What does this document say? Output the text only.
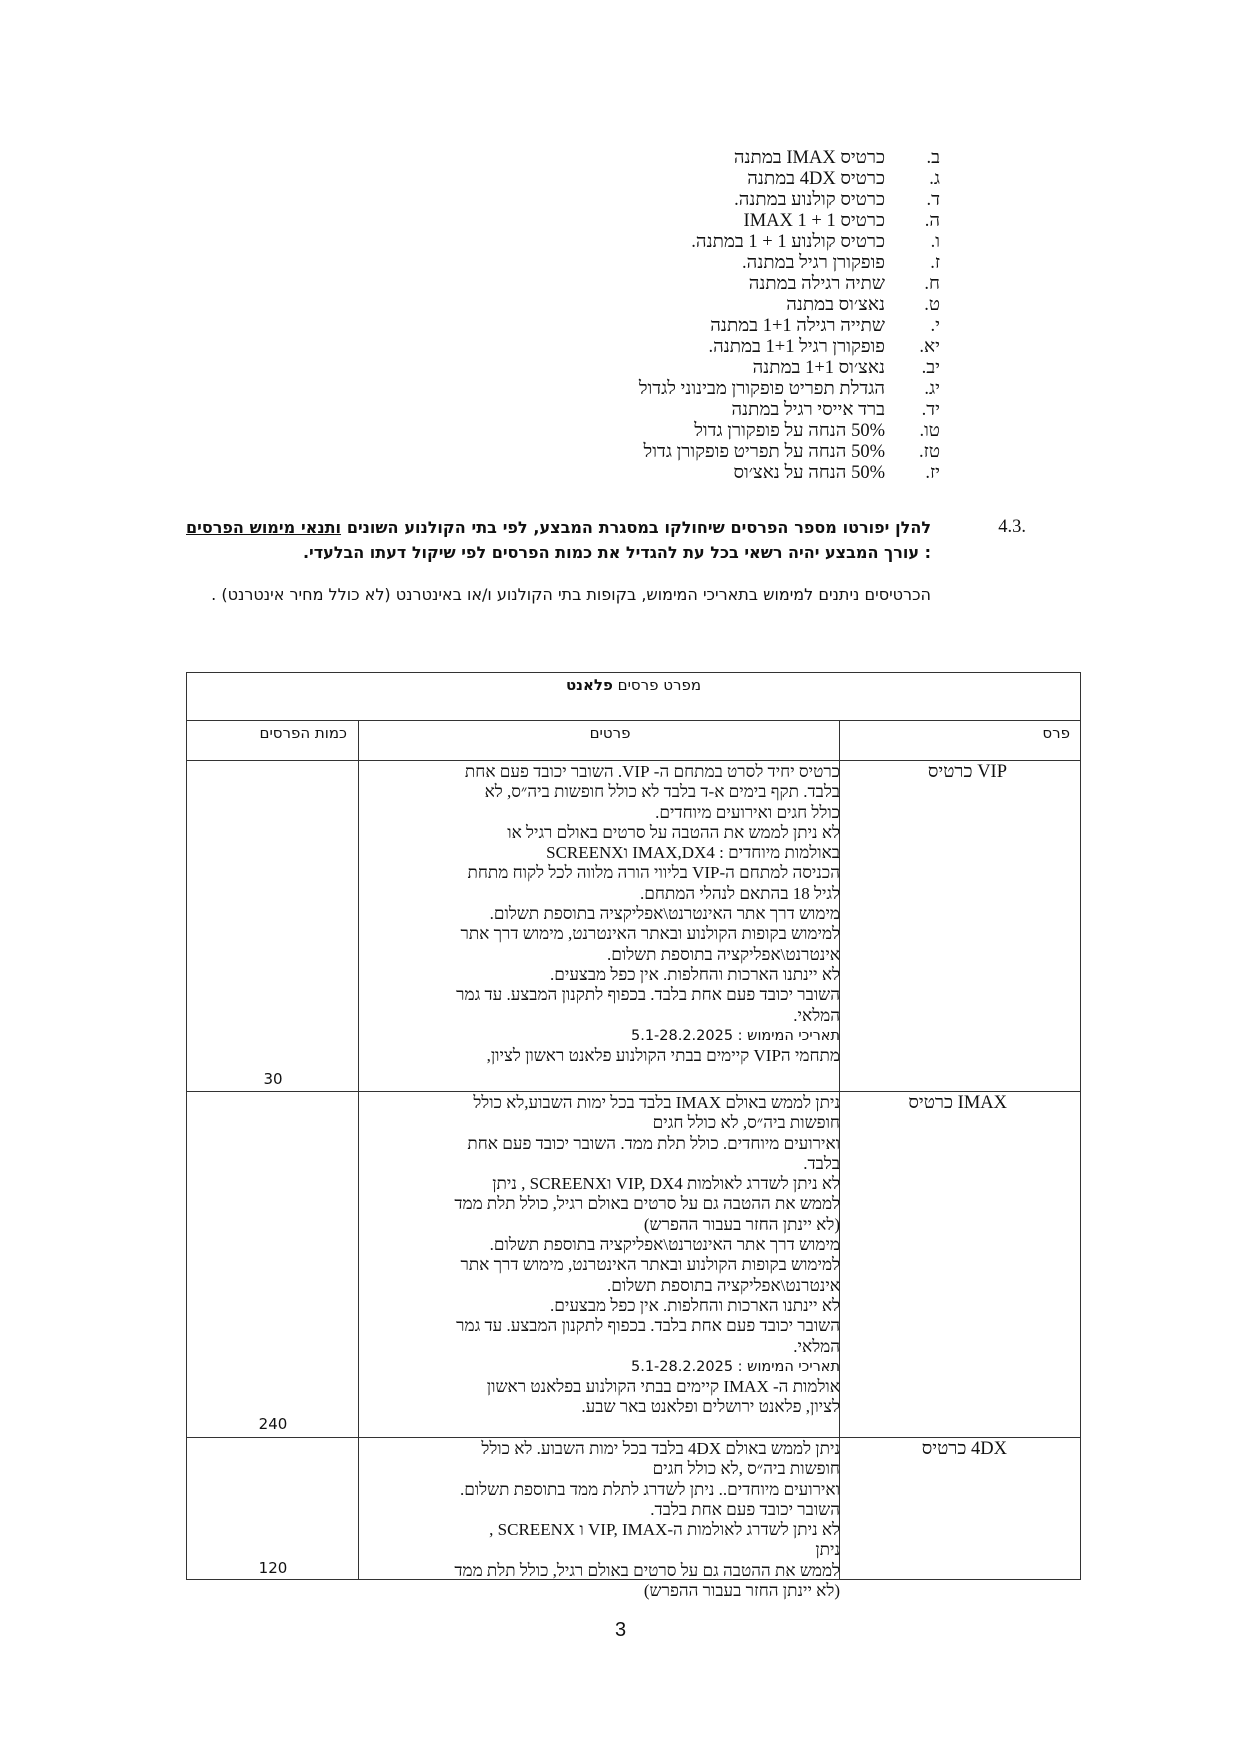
ב.
כרטיס IMAX במתנה
ג.
כרטיס 4DX במתנה
ד.
כרטיס קולנוע במתנה.
ה.
כרטיס 1 + 1 IMAX
ו.
כרטיס קולנוע 1 + 1 במתנה.
ז.
פופקורן רגיל במתנה.
ח.
שתיה רגילה במתנה
ט.
נאצ׳וס במתנה
י.
שתייה רגילה 1+1 במתנה
יא.
פופקורן רגיל 1+1 במתנה.
יב.
נאצ׳וס 1+1 במתנה
יג.
הגדלת תפריט פופקורן מבינוני לגדול
יד.
ברד אייסי רגיל במתנה
טו.
50% הנחה על פופקורן גדול
טז.
50% הנחה על תפריט פופקורן גדול
יז.
50% הנחה על נאצ׳וס
.4.3
להלן יפורטו מספר הפרסים שיחולקו במסגרת המבצע, לפי בתי הקולנוע השונים ותנאי מימוש הפרסים : עורך המבצע יהיה רשאי בכל עת להגדיל את כמות הפרסים לפי שיקול דעתו הבלעדי.
הכרטיסים ניתנים למימוש בתאריכי המימוש, בקופות בתי הקולנוע ו/או באינטרנט (לא כולל מחיר אינטרנט) .
מפרט פרסים פלאנט
פרס
פרטים
כמות הפרסים
VIP כרטיס
כרטיס יחיד לסרט במתחם ה- VIP. השובר יכובד פעם אחת
בלבד. תקף בימים א-ד בלבד לא כולל חופשות ביה״ס, לא
כולל חגים ואירועים מיוחדים.
לא ניתן לממש את ההטבה על סרטים באולם רגיל או
באולמות מיוחדים : IMAX,DX4 וSCREENX
הכניסה למתחם ה-VIP בליווי הורה מלווה לכל לקוח מתחת
לגיל 18 בהתאם לנהלי המתחם.
מימוש דרך אתר האינטרנט\אפליקציה בתוספת תשלום.
למימוש בקופות הקולנוע ובאתר האינטרנט, מימוש דרך אתר
אינטרנט\אפליקציה בתוספת תשלום.
לא יינתנו הארכות והחלפות. אין כפל מבצעים.
השובר יכובד פעם אחת בלבד. בכפוף לתקנון המבצע. עד גמר
המלאי.
תאריכי המימוש : 5.1-28.2.2025
מתחמי הVIP קיימים בבתי הקולנוע פלאנט ראשון לציון,
30
IMAX כרטיס
ניתן לממש באולם IMAX בלבד בכל ימות השבוע,לא כולל
חופשות ביה״ס, לא כולל חגים
ואירועים מיוחדים. כולל תלת ממד. השובר יכובד פעם אחת
בלבד.
לא ניתן לשדרג לאולמות VIP, DX4 וSCREENX , ניתן
לממש את ההטבה גם על סרטים באולם רגיל, כולל תלת ממד
(לא יינתן החזר בעבור ההפרש)
מימוש דרך אתר האינטרנט\אפליקציה בתוספת תשלום.
למימוש בקופות הקולנוע ובאתר האינטרנט, מימוש דרך אתר
אינטרנט\אפליקציה בתוספת תשלום.
לא יינתנו הארכות והחלפות. אין כפל מבצעים.
השובר יכובד פעם אחת בלבד. בכפוף לתקנון המבצע. עד גמר
המלאי.
תאריכי המימוש : 5.1-28.2.2025
אולמות ה- IMAX קיימים בבתי הקולנוע בפלאנט ראשון
לציון, פלאנט ירושלים ופלאנט באר שבע.
240
4DX כרטיס
ניתן לממש באולם 4DX בלבד בכל ימות השבוע. לא כולל
חופשות ביה״ס ,לא כולל חגים
ואירועים מיוחדים.. ניתן לשדרג לתלת ממד בתוספת תשלום.
השובר יכובד פעם אחת בלבד.
לא ניתן לשדרג לאולמות ה-VIP, IMAX ו SCREENX ,
ניתן
לממש את ההטבה גם על סרטים באולם רגיל, כולל תלת ממד
(לא יינתן החזר בעבור ההפרש)
120
3
